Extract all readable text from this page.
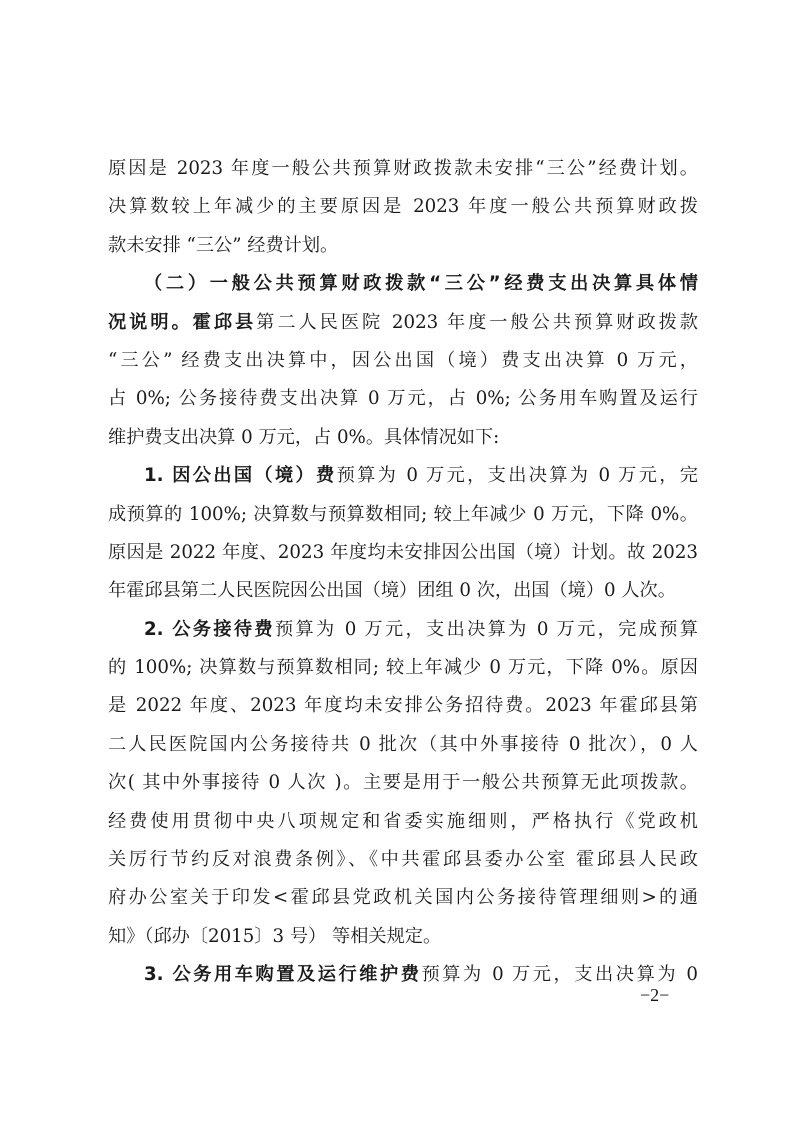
原因是 2023 年度一般公共预算财政拨款未安排“三公”经费计划。
决算数较上年减少的主要原因是 2023 年度一般公共预算财政拨
款未安排 “三公” 经费计划。
（二）一般公共预算财政拨款“三公”经费支出决算具体情
况说明。霍邱县第二人民医院 2023 年度一般公共预算财政拨款
“三公” 经费支出决算中，因公出国（境）费支出决算 0 万元，
占 0%; 公务接待费支出决算 0 万元，占 0%; 公务用车购置及运行
维护费支出决算 0 万元，占 0%。具体情况如下:
1. 因公出国（境）费预算为 0 万元，支出决算为 0 万元，完
成预算的 100%; 决算数与预算数相同; 较上年减少 0 万元，下降 0%。
原因是 2022 年度、2023 年度均未安排因公出国（境）计划。故 2023
年霍邱县第二人民医院因公出国（境）团组 0 次，出国（境）0 人次。
2. 公务接待费预算为 0 万元，支出决算为 0 万元，完成预算
的 100%; 决算数与预算数相同; 较上年减少 0 万元，下降 0%。原因
是 2022 年度、2023 年度均未安排公务招待费。2023 年霍邱县第
二人民医院国内公务接待共 0 批次（其中外事接待 0 批次），0 人
次( 其中外事接待 0 人次 )。主要是用于一般公共预算无此项拨款。
经费使用贯彻中央八项规定和省委实施细则，严格执行《党政机
关厉行节约反对浪费条例》、《中共霍邱县委办公室 霍邱县人民政
府办公室关于印发<霍邱县党政机关国内公务接待管理细则>的通
知》（邱办〔2015〕3 号） 等相关规定。
3. 公务用车购置及运行维护费预算为 0 万元，支出决算为 0
−2−
